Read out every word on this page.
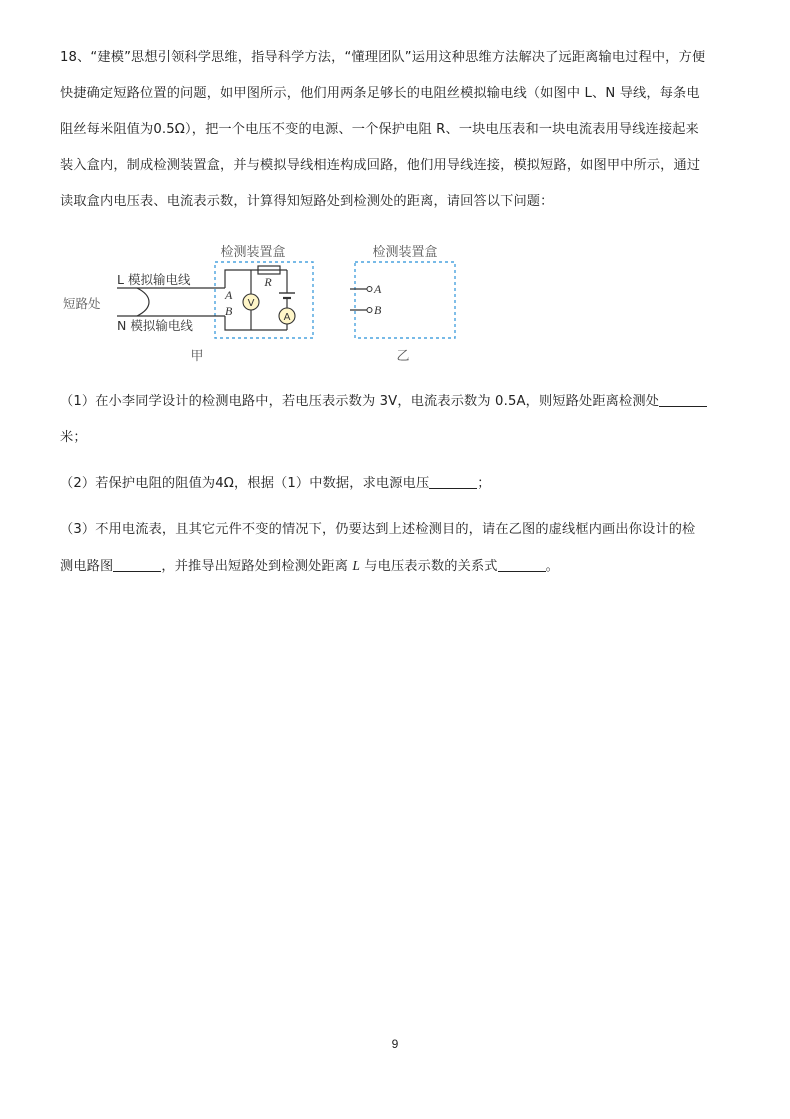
18、“建模”思想引领科学思维，指导科学方法，“懂理团队”运用这种思维方法解决了远距离输电过程中，方便
快捷确定短路位置的问题，如甲图所示，他们用两条足够长的电阻丝模拟输电线（如图中 L、N 导线，每条电
阻丝每米阻值为0.5Ω），把一个电压不变的电源、一个保护电阻 R、一块电压表和一块电流表用导线连接起来
装入盒内，制成检测装置盒，并与模拟导线相连构成回路，他们用导线连接，模拟短路，如图甲中所示，通过
读取盒内电压表、电流表示数，计算得知短路处到检测处的距离，请回答以下问题：
检测装置盒
L 模拟输电线
N 模拟输电线
短路处
A
B
R
V
A
甲
检测装置盒
A
B
乙
（1）在小李同学设计的检测电路中，若电压表示数为 3V，电流表示数为 0.5A，则短路处距离检测处
米；
（2）若保护电阻的阻值为4Ω，根据（1）中数据，求电源电压	；
（3）不用电流表，且其它元件不变的情况下，仍要达到上述检测目的，请在乙图的虚线框内画出你设计的检
测电路图	，并推导出短路处到检测处距离 L 与电压表示数的关系式	。
9
